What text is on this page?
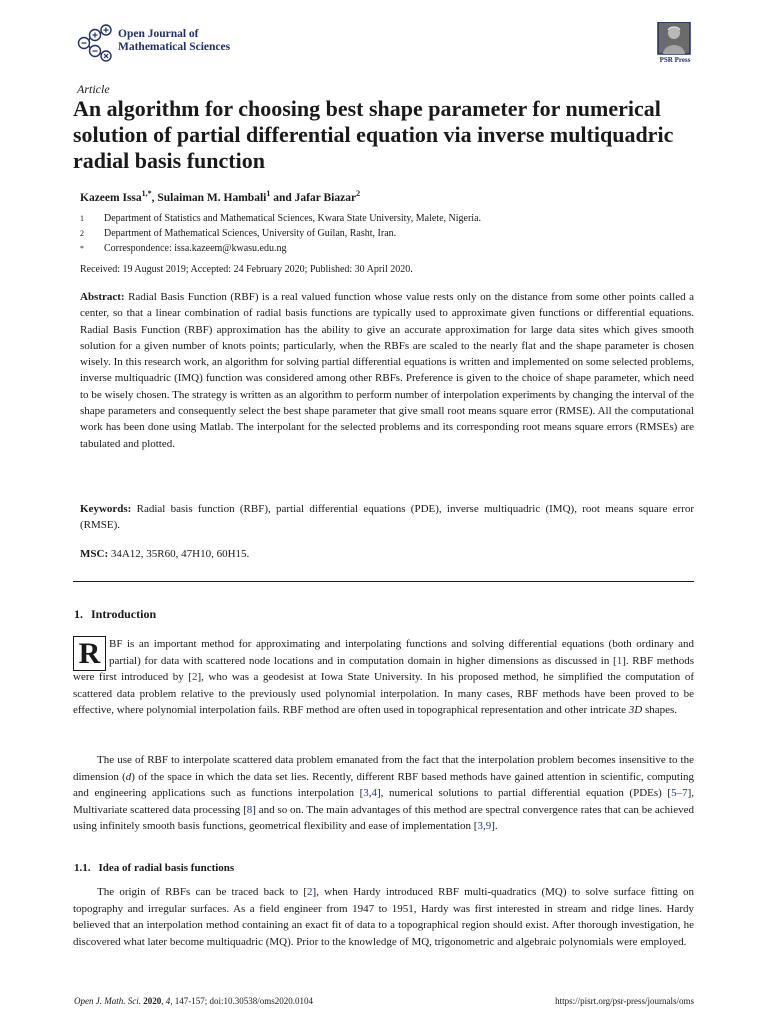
Open Journal of
Mathematical Sciences
PSR Press
Article
An algorithm for choosing best shape parameter for numerical solution of partial differential equation via inverse multiquadric radial basis function
Kazeem Issa$^{1,*}$, Sulaiman M. Hambali$^1$ and Jafar Biazar$^2$
1 Department of Statistics and Mathematical Sciences, Kwara State University, Malete, Nigeria.
2 Department of Mathematical Sciences, University of Guilan, Rasht, Iran.
* Correspondence: issa.kazeem@kwasu.edu.ng
Received: 19 August 2019; Accepted: 24 February 2020; Published: 30 April 2020.
Abstract: Radial Basis Function (RBF) is a real valued function whose value rests only on the distance from some other points called a center, so that a linear combination of radial basis functions are typically used to approximate given functions or differential equations. Radial Basis Function (RBF) approximation has the ability to give an accurate approximation for large data sites which gives smooth solution for a given number of knots points; particularly, when the RBFs are scaled to the nearly flat and the shape parameter is chosen wisely. In this research work, an algorithm for solving partial differential equations is written and implemented on some selected problems, inverse multiquadric (IMQ) function was considered among other RBFs. Preference is given to the choice of shape parameter, which need to be wisely chosen. The strategy is written as an algorithm to perform number of interpolation experiments by changing the interval of the shape parameters and consequently select the best shape parameter that give small root means square error (RMSE). All the computational work has been done using Matlab. The interpolant for the selected problems and its corresponding root means square errors (RMSEs) are tabulated and plotted.
Keywords: Radial basis function (RBF), partial differential equations (PDE), inverse multiquadric (IMQ), root means square error (RMSE).
MSC: 34A12, 35R60, 47H10, 60H15.
1. Introduction
R BF is an important method for approximating and interpolating functions and solving differential equations (both ordinary and partial) for data with scattered node locations and in computation domain in higher dimensions as discussed in [1]. RBF methods were first introduced by [2], who was a geodesist at Iowa State University. In his proposed method, he simplified the computation of scattered data problem relative to the previously used polynomial interpolation. In many cases, RBF methods have been proved to be effective, where polynomial interpolation fails. RBF method are often used in topographical representation and other intricate 3D shapes.
The use of RBF to interpolate scattered data problem emanated from the fact that the interpolation problem becomes insensitive to the dimension (d) of the space in which the data set lies. Recently, different RBF based methods have gained attention in scientific, computing and engineering applications such as functions interpolation [3,4], numerical solutions to partial differential equation (PDEs) [5–7], Multivariate scattered data processing [8] and so on. The main advantages of this method are spectral convergence rates that can be achieved using infinitely smooth basis functions, geometrical flexibility and ease of implementation [3,9].
1.1. Idea of radial basis functions
The origin of RBFs can be traced back to [2], when Hardy introduced RBF multi-quadratics (MQ) to solve surface fitting on topography and irregular surfaces. As a field engineer from 1947 to 1951, Hardy was first interested in stream and ridge lines. Hardy believed that an interpolation method containing an exact fit of data to a topographical region should exist. After thorough investigation, he discovered what later become multiquadric (MQ). Prior to the knowledge of MQ, trigonometric and algebraic polynomials were employed.
Open J. Math. Sci. 2020, 4, 147-157; doi:10.30538/oms2020.0104	https://pisrt.org/psr-press/journals/oms
